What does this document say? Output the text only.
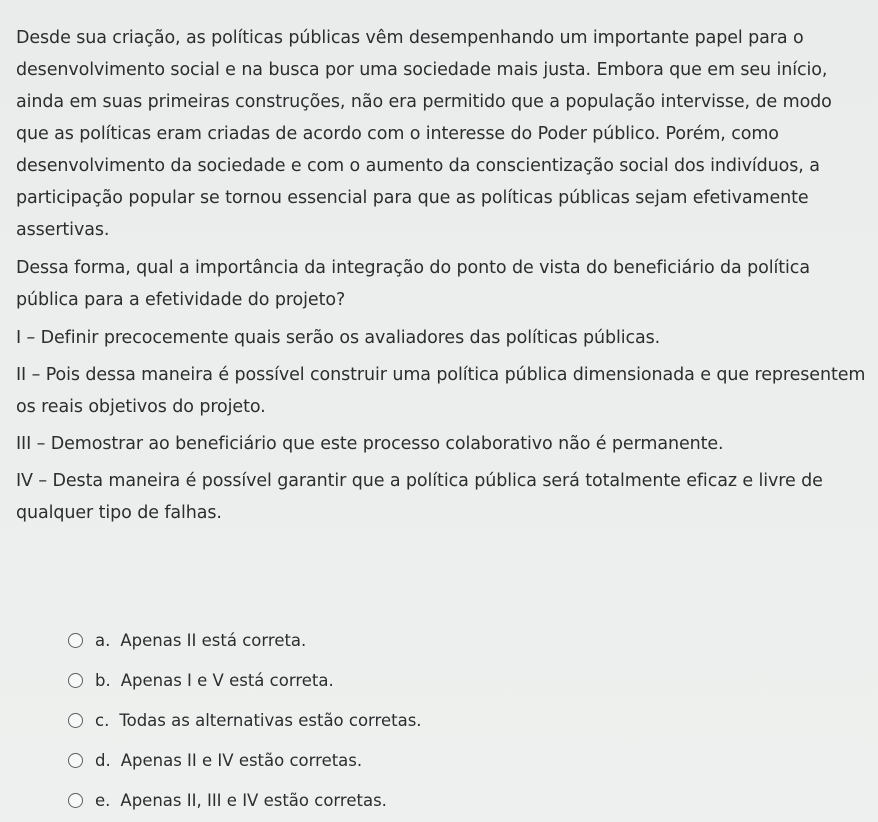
Desde sua criação, as políticas públicas vêm desempenhando um importante papel para o desenvolvimento social e na busca por uma sociedade mais justa. Embora que em seu início, ainda em suas primeiras construções, não era permitido que a população intervisse, de modo que as políticas eram criadas de acordo com o interesse do Poder público. Porém, como desenvolvimento da sociedade e com o aumento da conscientização social dos indivíduos, a participação popular se tornou essencial para que as políticas públicas sejam efetivamente assertivas.

Dessa forma, qual a importância da integração do ponto de vista do beneficiário da política pública para a efetividade do projeto?

I – Definir precocemente quais serão os avaliadores das políticas públicas.

II – Pois dessa maneira é possível construir uma política pública dimensionada e que representem os reais objetivos do projeto.

III – Demostrar ao beneficiário que este processo colaborativo não é permanente.

IV – Desta maneira é possível garantir que a política pública será totalmente eficaz e livre de qualquer tipo de falhas.

a. Apenas II está correta.
b. Apenas I e V está correta.
c. Todas as alternativas estão corretas.
d. Apenas II e IV estão corretas.
e. Apenas II, III e IV estão corretas.
